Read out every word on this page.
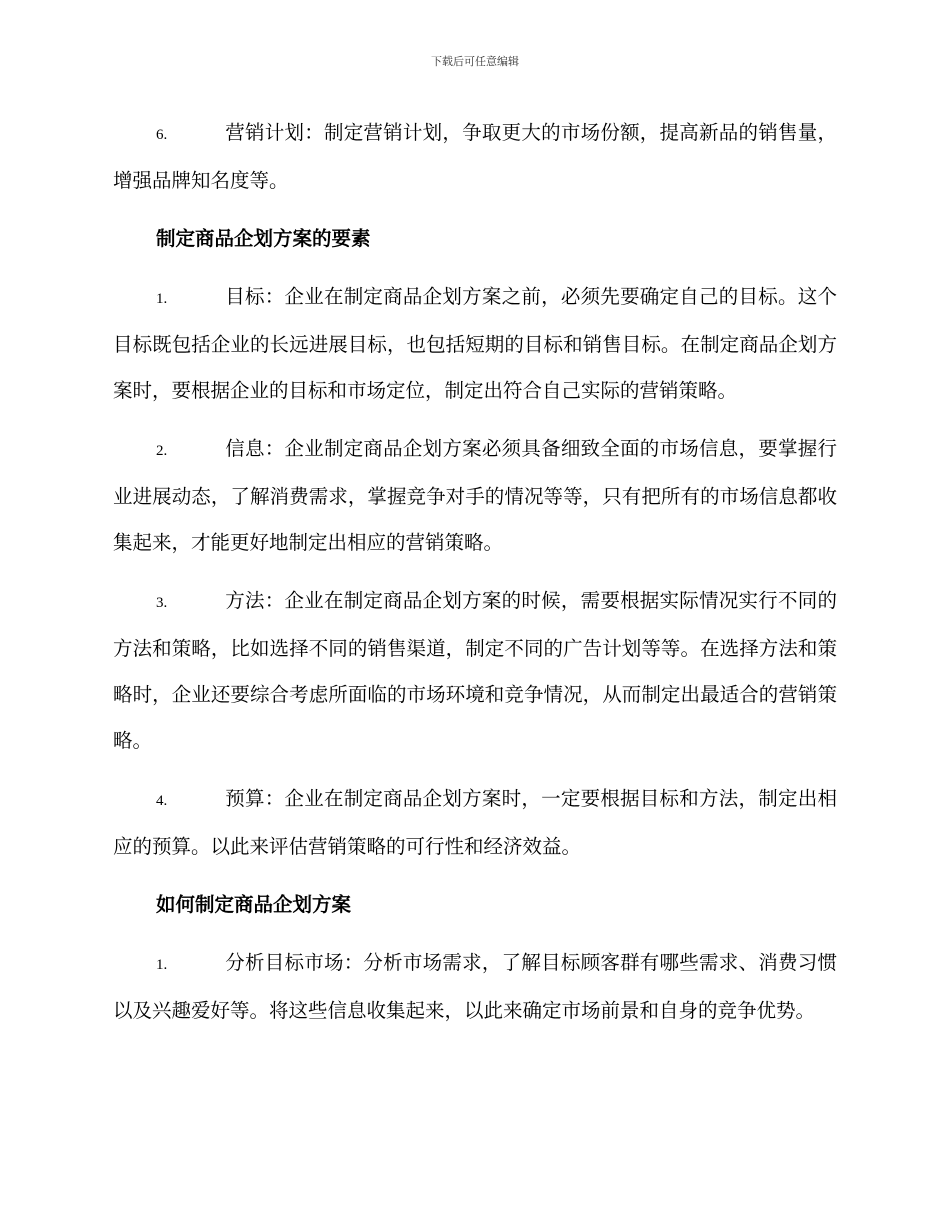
下载后可任意编辑

6.	营销计划：制定营销计划，争取更大的市场份额，提高新品的销售量，增强品牌知名度等。

制定商品企划方案的要素

1.	目标：企业在制定商品企划方案之前，必须先要确定自己的目标。这个目标既包括企业的长远进展目标，也包括短期的目标和销售目标。在制定商品企划方案时，要根据企业的目标和市场定位，制定出符合自己实际的营销策略。

2.	信息：企业制定商品企划方案必须具备细致全面的市场信息，要掌握行业进展动态，了解消费需求，掌握竞争对手的情况等等，只有把所有的市场信息都收集起来，才能更好地制定出相应的营销策略。

3.	方法：企业在制定商品企划方案的时候，需要根据实际情况实行不同的方法和策略，比如选择不同的销售渠道，制定不同的广告计划等等。在选择方法和策略时，企业还要综合考虑所面临的市场环境和竞争情况，从而制定出最适合的营销策略。

4.	预算：企业在制定商品企划方案时，一定要根据目标和方法，制定出相应的预算。以此来评估营销策略的可行性和经济效益。

如何制定商品企划方案

1.	分析目标市场：分析市场需求，了解目标顾客群有哪些需求、消费习惯以及兴趣爱好等。将这些信息收集起来，以此来确定市场前景和自身的竞争优势。
